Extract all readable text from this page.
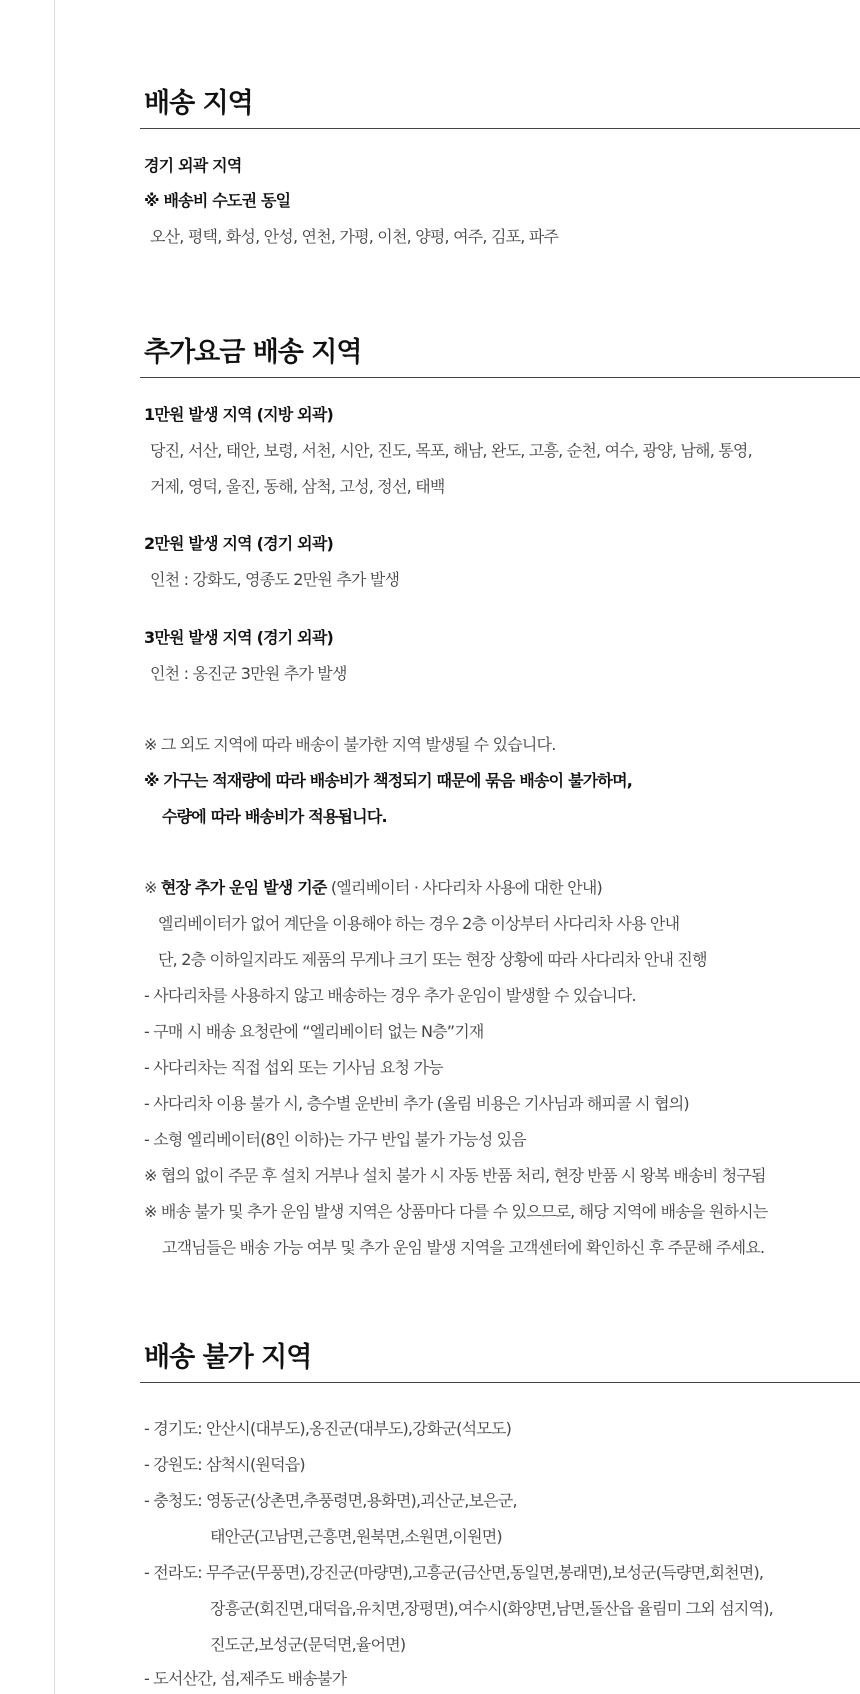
배송 지역
경기 외곽 지역
※ 배송비 수도권 동일
오산, 평택, 화성, 안성, 연천, 가평, 이천, 양평, 여주, 김포, 파주
추가요금 배송 지역
1만원 발생 지역 (지방 외곽)
당진, 서산, 태안, 보령, 서천, 시안, 진도, 목포, 해남, 완도, 고흥, 순천, 여수, 광양, 남해, 통영,
거제, 영덕, 울진, 동해, 삼척, 고성, 정선, 태백
2만원 발생 지역 (경기 외곽)
인천 : 강화도, 영종도 2만원 추가 발생
3만원 발생 지역 (경기 외곽)
인천 : 옹진군 3만원 추가 발생
※ 그 외도 지역에 따라 배송이 불가한 지역 발생될 수 있습니다.
※ 가구는 적재량에 따라 배송비가 책정되기 때문에 묶음 배송이 불가하며,
수량에 따라 배송비가 적용됩니다.
※ 현장 추가 운임 발생 기준 (엘리베이터 · 사다리차 사용에 대한 안내)
엘리베이터가 없어 계단을 이용해야 하는 경우 2층 이상부터 사다리차 사용 안내
단, 2층 이하일지라도 제품의 무게나 크기 또는 현장 상황에 따라 사다리차 안내 진행
- 사다리차를 사용하지 않고 배송하는 경우 추가 운임이 발생할 수 있습니다.
- 구매 시 배송 요청란에 “엘리베이터 없는 N층”기재
- 사다리차는 직접 섭외 또는 기사님 요청 가능
- 사다리차 이용 불가 시, 층수별 운반비 추가 (올림 비용은 기사님과 해피콜 시 협의)
- 소형 엘리베이터(8인 이하)는 가구 반입 불가 가능성 있음
※ 협의 없이 주문 후 설치 거부나 설치 불가 시 자동 반품 처리, 현장 반품 시 왕복 배송비 청구됨
※ 배송 불가 및 추가 운임 발생 지역은 상품마다 다를 수 있으므로, 해당 지역에 배송을 원하시는
고객님들은 배송 가능 여부 및 추가 운임 발생 지역을 고객센터에 확인하신 후 주문해 주세요.
배송 불가 지역
- 경기도: 안산시(대부도),옹진군(대부도),강화군(석모도)
- 강원도: 삼척시(원덕읍)
- 충청도: 영동군(상촌면,추풍령면,용화면),괴산군,보은군,
태안군(고남면,근흥면,원북면,소원면,이원면)
- 전라도: 무주군(무풍면),강진군(마량면),고흥군(금산면,동일면,봉래면),보성군(득량면,회천면),
장흥군(회진면,대덕읍,유치면,장평면),여수시(화양면,남면,돌산읍 율림미 그외 섬지역),
진도군,보성군(문덕면,율어면)
- 도서산간, 섬,제주도 배송불가
